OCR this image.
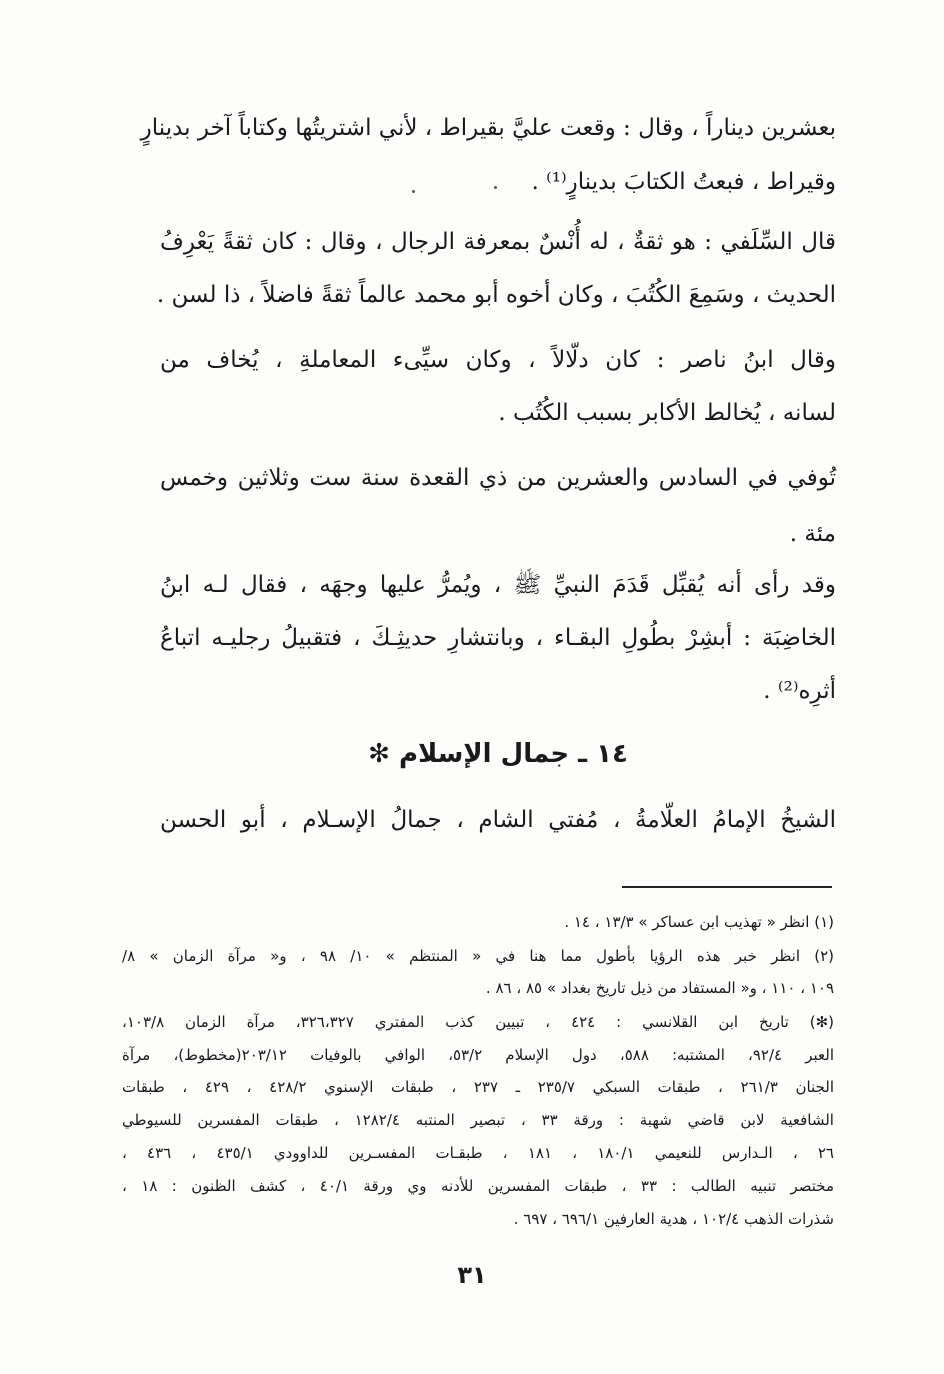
بعشرين ديناراً ، وقال : وقعت عليَّ بقيراط ، لأني اشتريتُها وكتاباً آخر بدينارٍ
وقيراط ، فبعتُ الكتابَ بدينارٍ⁽¹⁾ .
قال السِّلَفي : هو ثقةٌ ، له أُنْسٌ بمعرفة الرجال ، وقال : كان ثقةً يَعْرِفُ
الحديث ، وسَمِعَ الكُتُبَ ، وكان أخوه أبو محمد عالماً ثقةً فاضلاً ، ذا لسن .
وقال ابنُ ناصر : كان دلّالاً ، وكان سيِّىء المعاملةِ ، يُخاف من
لسانه ، يُخالط الأكابر بسبب الكُتُب .
تُوفي في السادس والعشرين من ذي القعدة سنة ست وثلاثين وخمس
مئة .
وقد رأى أنه يُقبِّل قَدَمَ النبيِّ ﷺ ، ويُمرُّ عليها وجهَه ، فقال لـه ابنُ
الخاضِبَة : أبشِرْ بطُولِ البقـاء ، وبانتشارِ حديثِـكَ ، فتقبيلُ رجليـه اتباعُ
أثرِه⁽²⁾ .
١٤ ـ جمال الإسلام ✻
الشيخُ الإمامُ العلّامةُ ، مُفتي الشام ، جمالُ الإسـلام ، أبو الحسن
(١) انظر « تهذيب ابن عساكر » ١٣/٣ ، ١٤ .
(٢) انظر خبر هذه الرؤيا بأطول مما هنا في « المنتظم » ١٠/ ٩٨ ، و« مرآة الزمان » ٨/
١٠٩ ، ١١٠ ، و« المستفاد من ذيل تاريخ بغداد » ٨٥ ، ٨٦ .
(✻) تاريخ ابن القلانسي : ٤٢٤ ، تبيين كذب المفتري ٣٢٦،٣٢٧، مرآة الزمان ١٠٣/٨،
العبر ٩٢/٤، المشتبه: ٥٨٨، دول الإسلام ٥٣/٢، الوافي بالوفيات ٢٠٣/١٢(مخطوط)، مرآة
الجنان ٢٦١/٣ ، طبقات السبكي ٢٣٥/٧ ـ ٢٣٧ ، طبقات الإسنوي ٤٢٨/٢ ، ٤٢٩ ، طبقات
الشافعية لابن قاضي شهبة : ورقة ٣٣ ، تبصير المنتبه ١٢٨٢/٤ ، طبقات المفسرين للسيوطي
٢٦ ، الـدارس للنعيمي ١٨٠/١ ، ١٨١ ، طبقـات المفسـرين للداوودي ٤٣٥/١ ، ٤٣٦ ،
مختصر تنبيه الطالب : ٣٣ ، طبقات المفسرين للأدنه وي ورقة ٤٠/١ ، كشف الظنون : ١٨ ،
شذرات الذهب ١٠٢/٤ ، هدية العارفين ٦٩٦/١ ، ٦٩٧ .
٣١
